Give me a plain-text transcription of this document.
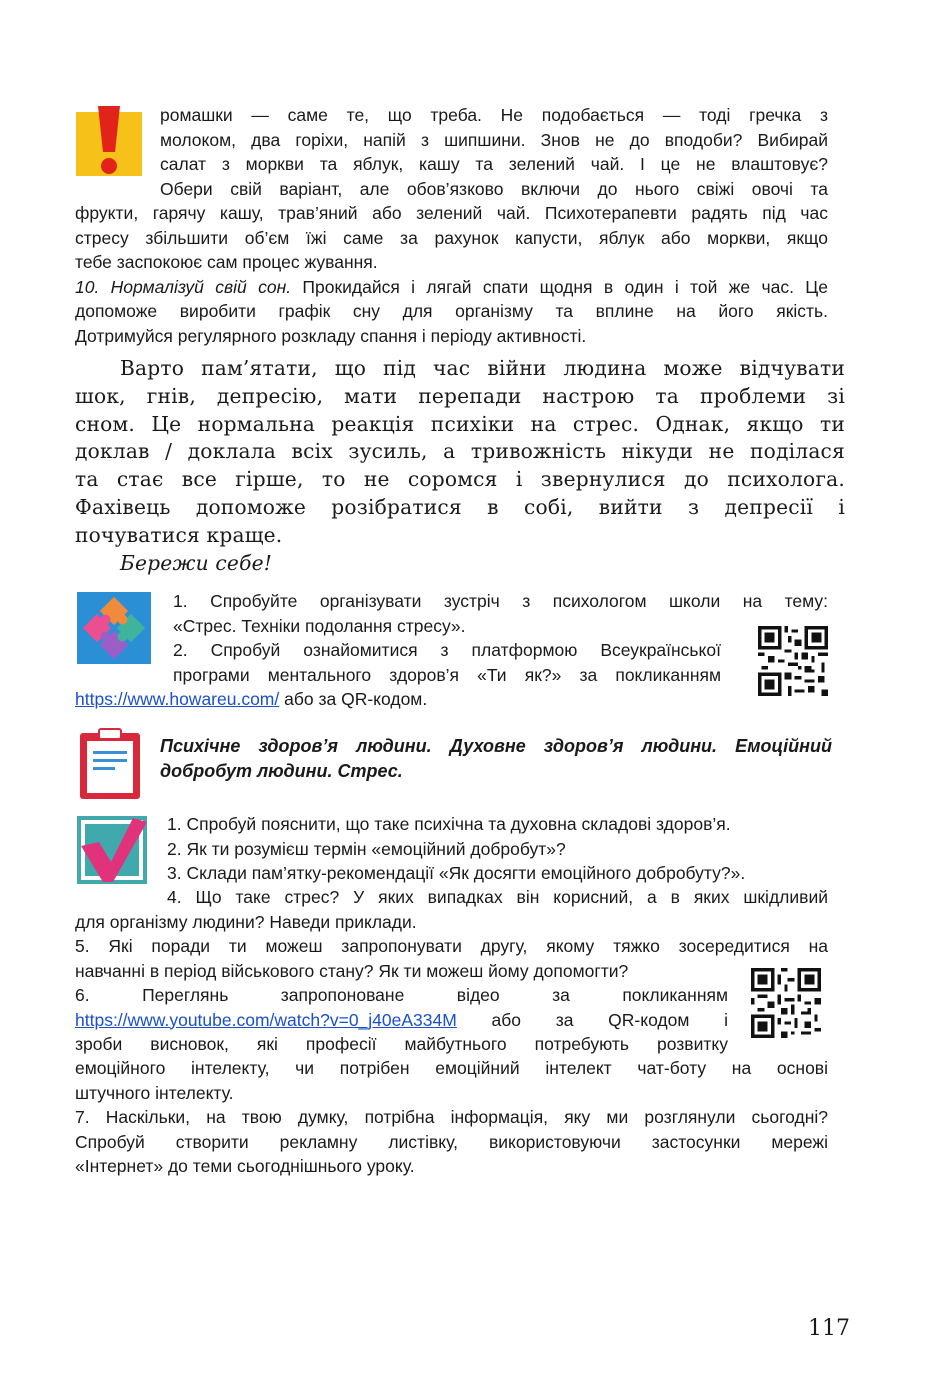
ромашки — саме те, що треба. Не подобається — тоді гречка з
молоком, два горіхи, напій з шипшини. Знов не до вподоби? Вибирай
салат з моркви та яблук, кашу та зелений чай. І це не влаштовує?
Обери свій варіант, але обов’язково включи до нього свіжі овочі та
фрукти, гарячу кашу, трав’яний або зелений чай. Психотерапевти радять під час
стресу збільшити об’єм їжі саме за рахунок капусти, яблук або моркви, якщо
тебе заспокоює сам процес жування.
10. Нормалізуй свій сон. Прокидайся і лягай спати щодня в один і той же час. Це
допоможе виробити графік сну для організму та вплине на його якість.
Дотримуйся регулярного розкладу спання і періоду активності.
Варто пам’ятати, що під час війни людина може відчувати
шок, гнів, депресію, мати перепади настрою та проблеми зі
сном. Це нормальна реакція психіки на стрес. Однак, якщо ти
доклав / доклала всіх зусиль, а тривожність нікуди не поділася
та стає все гірше, то не соромся і звернулися до психолога.
Фахівець допоможе розібратися в собі, вийти з депресії і
почуватися краще.
Бережи себе!
1. Спробуйте організувати зустріч з психологом школи на тему:
«Стрес. Техніки подолання стресу».
2. Спробуй ознайомитися з платформою Всеукраїнської
програми ментального здоров’я «Ти як?» за покликанням
https://www.howareu.com/ або за QR-кодом.
Психічне здоров’я людини. Духовне здоров’я людини. Емоційний
добробут людини. Стрес.
1. Спробуй пояснити, що таке психічна та духовна складові здоров’я.
2. Як ти розумієш термін «емоційний добробут»?
3. Склади пам’ятку-рекомендації «Як досягти емоційного добробуту?».
4. Що таке стрес? У яких випадках він корисний, а в яких шкідливий
для організму людини? Наведи приклади.
5. Які поради ти можеш запропонувати другу, якому тяжко зосередитися на
навчанні в період військового стану? Як ти можеш йому допомогти?
6. Переглянь запропоноване відео за покликанням
https://www.youtube.com/watch?v=0_j40eA334M або за QR-кодом і
зроби висновок, які професії майбутнього потребують розвитку
емоційного інтелекту, чи потрібен емоційний інтелект чат-боту на основі
штучного інтелекту.
7. Наскільки, на твою думку, потрібна інформація, яку ми розглянули сьогодні?
Спробуй створити рекламну листівку, використовуючи застосунки мережі
«Інтернет» до теми сьогоднішнього уроку.
117
